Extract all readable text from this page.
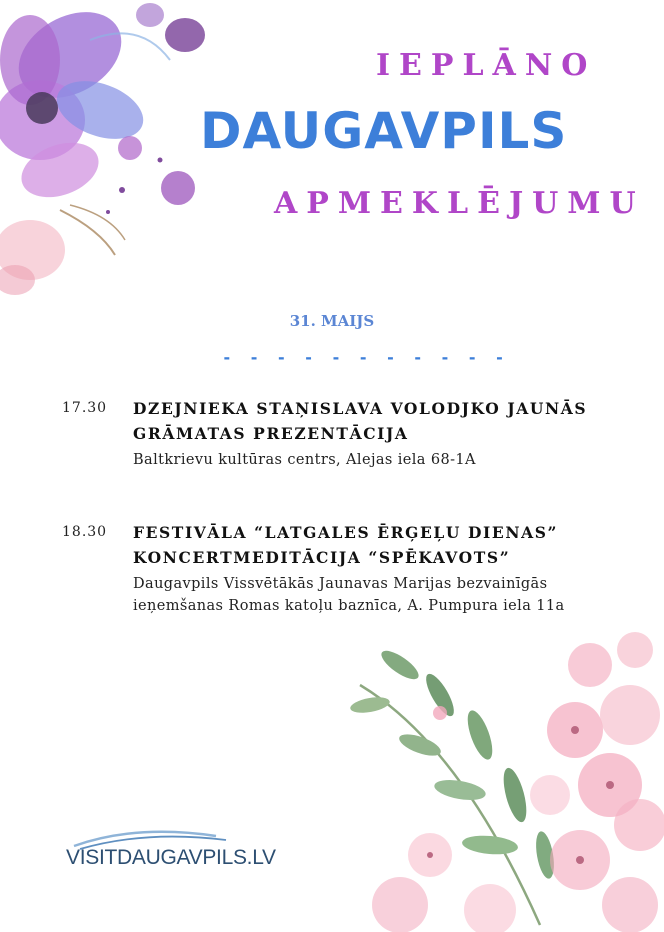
IEPLĀNO
DAUGAVPILS
APMEKLĒJUMU
31. MAIJS
- - - - - - - - - - -
17.30 DZEJNIEKA STAŅISLAVA VOLODJKO JAUNĀS
GRĀMATAS PREZENTĀCIJA
Baltkrievu kultūras centrs, Alejas iela 68-1A
18.30 FESTIVĀLA “LATGALES ĒRĢEĻU DIENAS”
KONCERTMEDITĀCIJA “SPĒKAVOTS”
Daugavpils Vissvētākās Jaunavas Marijas bezvainīgās
ieņemšanas Romas katoļu baznīca, A. Pumpura iela 11a
VISITDAUGAVPILS.LV
